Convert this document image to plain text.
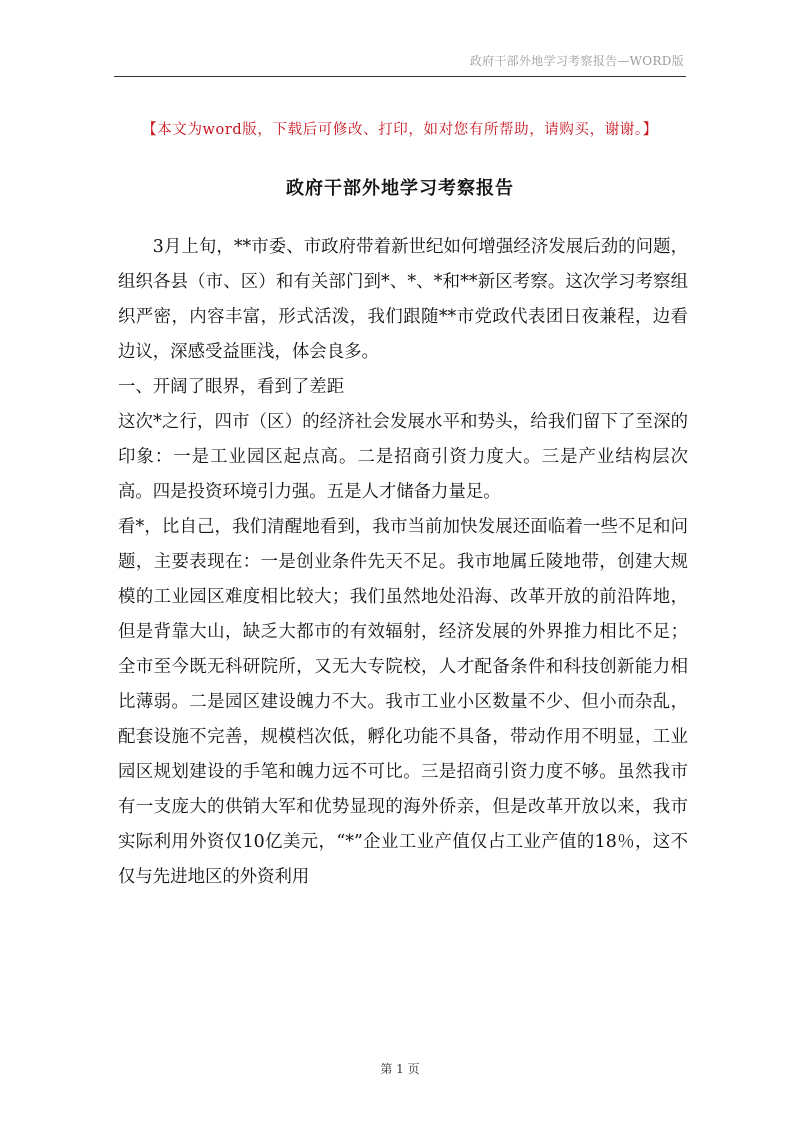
政府干部外地学习考察报告—WORD版
【本文为word版，下载后可修改、打印，如对您有所帮助，请购买，谢谢。】
政府干部外地学习考察报告

3月上旬，**市委、市政府带着新世纪如何增强经济发展后劲的问题，组织各县（市、区）和有关部门到*、*、*和**新区考察。这次学习考察组织严密，内容丰富，形式活泼，我们跟随**市党政代表团日夜兼程，边看边议，深感受益匪浅，体会良多。

一、开阔了眼界，看到了差距

这次*之行，四市（区）的经济社会发展水平和势头，给我们留下了至深的印象：一是工业园区起点高。二是招商引资力度大。三是产业结构层次高。四是投资环境引力强。五是人才储备力量足。

看*，比自己，我们清醒地看到，我市当前加快发展还面临着一些不足和问题，主要表现在：一是创业条件先天不足。我市地属丘陵地带，创建大规模的工业园区难度相比较大；我们虽然地处沿海、改革开放的前沿阵地，但是背靠大山，缺乏大都市的有效辐射，经济发展的外界推力相比不足；全市至今既无科研院所，又无大专院校，人才配备条件和科技创新能力相比薄弱。二是园区建设魄力不大。我市工业小区数量不少、但小而杂乱，配套设施不完善，规模档次低，孵化功能不具备，带动作用不明显，工业园区规划建设的手笔和魄力远不可比。三是招商引资力度不够。虽然我市有一支庞大的供销大军和优势显现的海外侨亲，但是改革开放以来，我市实际利用外资仅10亿美元，“*”企业工业产值仅占工业产值的18％，这不仅与先进地区的外资利用

第 1 页
